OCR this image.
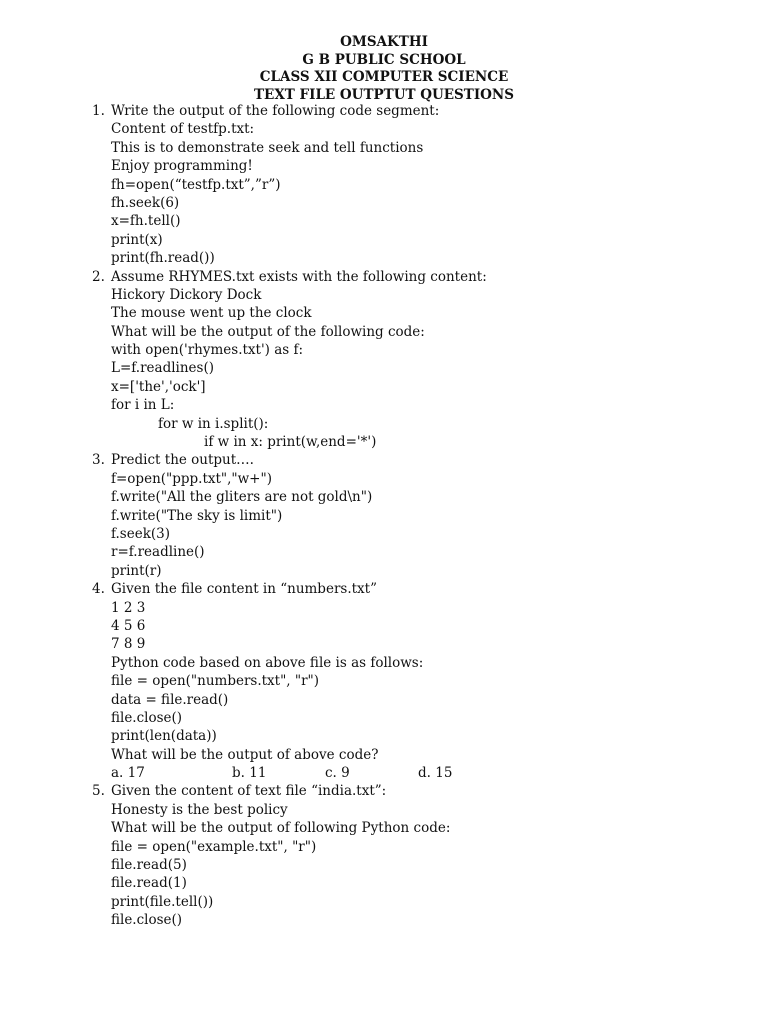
OMSAKTHI
G B PUBLIC SCHOOL
CLASS XII COMPUTER SCIENCE
TEXT FILE OUTPTUT QUESTIONS
1. Write the output of the following code segment:
Content of testfp.txt:
This is to demonstrate seek and tell functions
Enjoy programming!
fh=open(“testfp.txt”,”r”)
fh.seek(6)
x=fh.tell()
print(x)
print(fh.read())
2. Assume RHYMES.txt exists with the following content:
Hickory Dickory Dock
The mouse went up the clock
What will be the output of the following code:
with open('rhymes.txt') as f:
L=f.readlines()
x=['the','ock']
for i in L:
for w in i.split():
if w in x: print(w,end='*')
3. Predict the output….
f=open("ppp.txt","w+")
f.write("All the gliters are not gold\n")
f.write("The sky is limit")
f.seek(3)
r=f.readline()
print(r)
4. Given the file content in “numbers.txt”
1 2 3
4 5 6
7 8 9
Python code based on above file is as follows:
file = open("numbers.txt", "r")
data = file.read()
file.close()
print(len(data))
What will be the output of above code?
a. 17	b. 11	c. 9	d. 15
5. Given the content of text file “india.txt”:
Honesty is the best policy
What will be the output of following Python code:
file = open("example.txt", "r")
file.read(5)
file.read(1)
print(file.tell())
file.close()
